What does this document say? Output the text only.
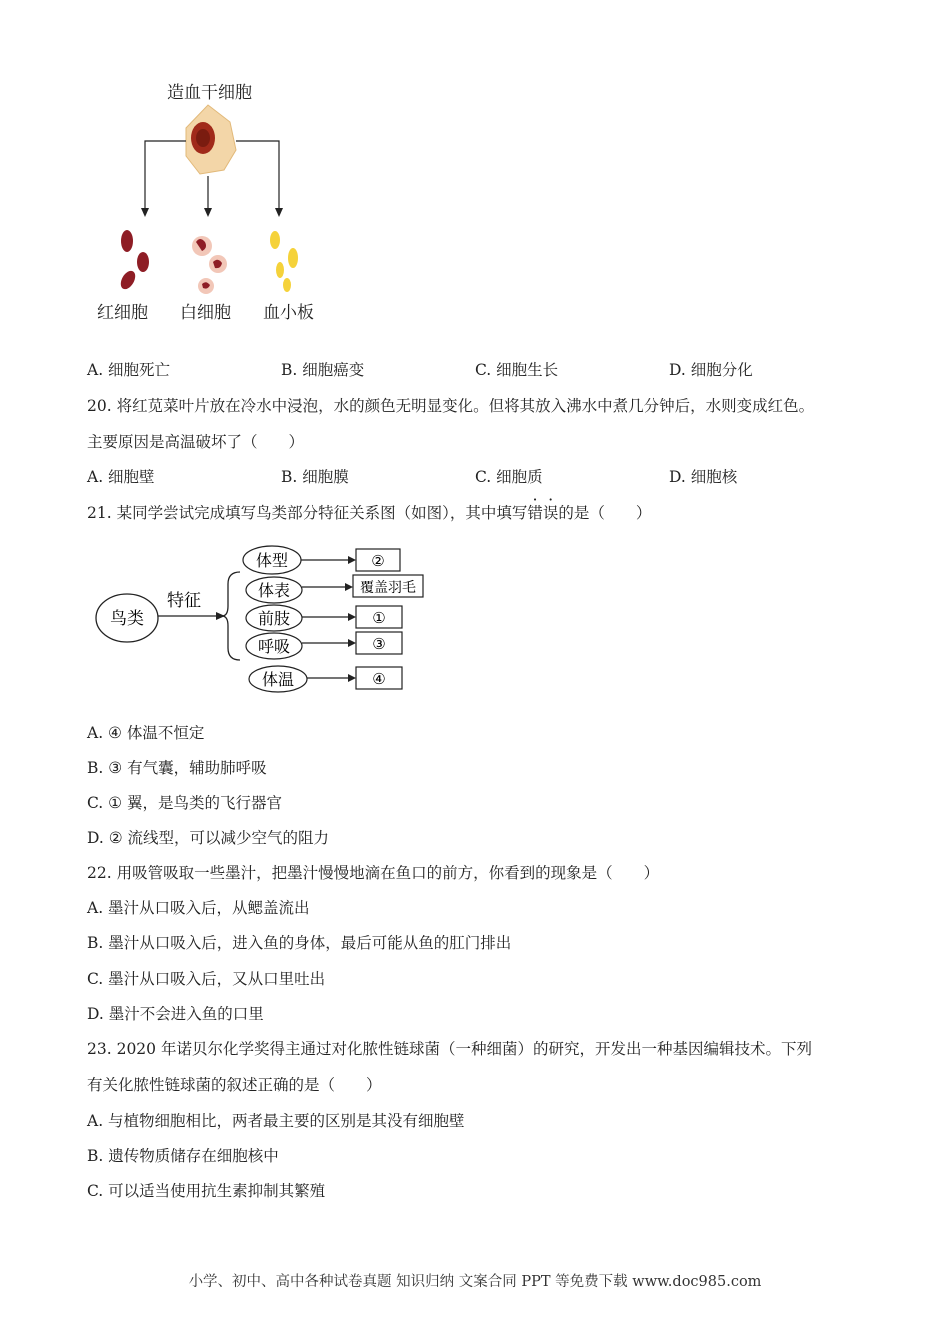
造血干细胞
红细胞 白细胞 血小板
A. 细胞死亡	B. 细胞癌变	C. 细胞生长	D. 细胞分化
20. 将红苋菜叶片放在冷水中浸泡，水的颜色无明显变化。但将其放入沸水中煮几分钟后，水则变成红色。
主要原因是高温破坏了（　　）
A. 细胞壁	B. 细胞膜	C. 细胞质	D. 细胞核
21. 某同学尝试完成填写鸟类部分特征关系图（如图），其中填写错误的是（　　）
鸟类
特征
体型	②
体表	覆盖羽毛
前肢	①
呼吸	③
体温	④
A. ④ 体温不恒定
B. ③ 有气囊，辅助肺呼吸
C. ① 翼，是鸟类的飞行器官
D. ② 流线型，可以减少空气的阻力
22. 用吸管吸取一些墨汁，把墨汁慢慢地滴在鱼口的前方，你看到的现象是（　　）
A. 墨汁从口吸入后，从鳃盖流出
B. 墨汁从口吸入后，进入鱼的身体，最后可能从鱼的肛门排出
C. 墨汁从口吸入后，又从口里吐出
D. 墨汁不会进入鱼的口里
23. 2020 年诺贝尔化学奖得主通过对化脓性链球菌（一种细菌）的研究，开发出一种基因编辑技术。下列
有关化脓性链球菌的叙述正确的是（　　）
A. 与植物细胞相比，两者最主要的区别是其没有细胞壁
B. 遗传物质储存在细胞核中
C. 可以适当使用抗生素抑制其繁殖
小学、初中、高中各种试卷真题 知识归纳 文案合同 PPT 等免费下载 www.doc985.com
